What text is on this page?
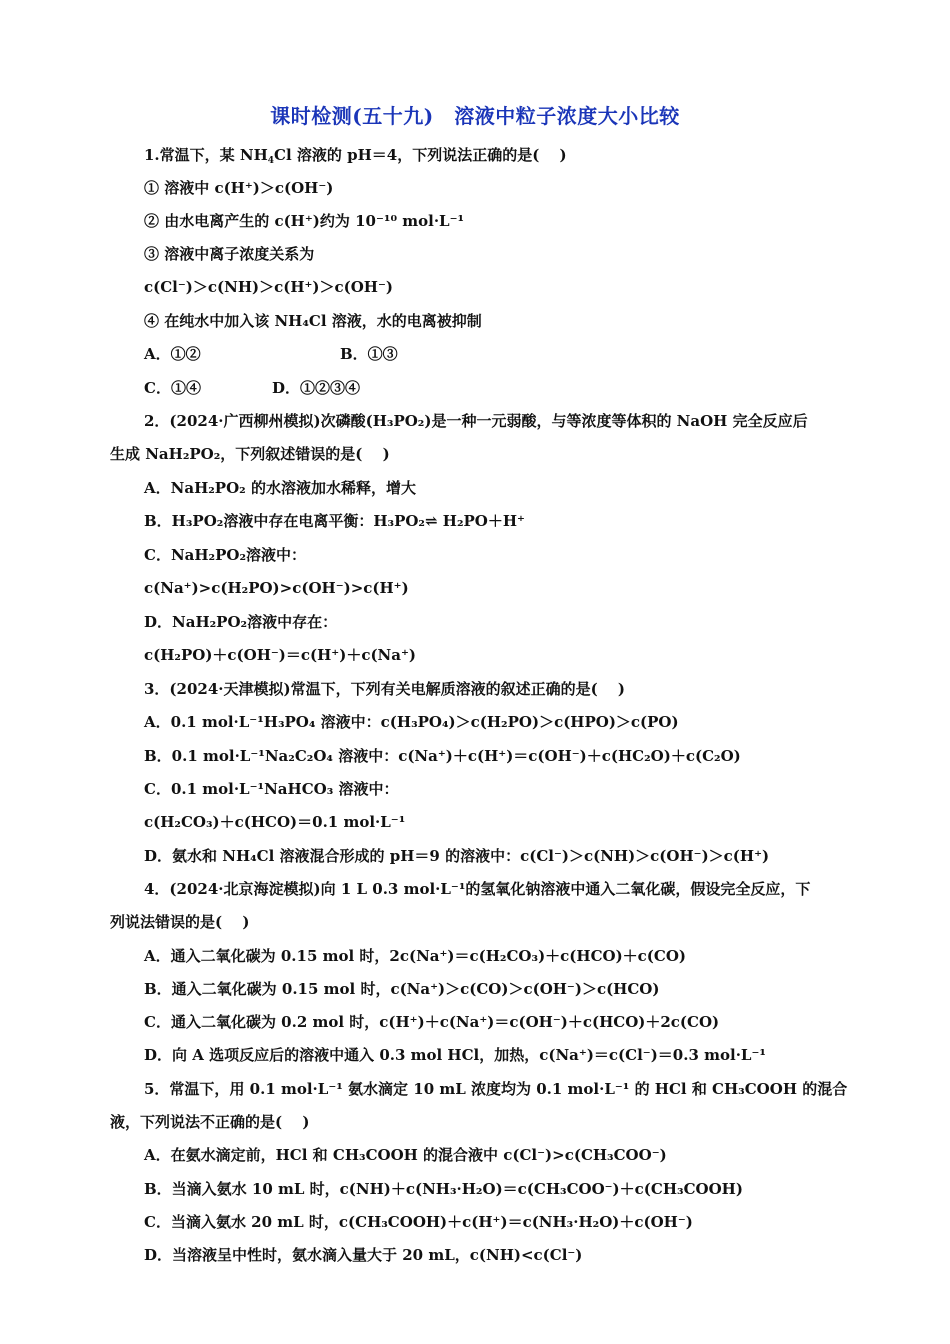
课时检测(五十九)　溶液中粒子浓度大小比较
1.常温下，某 $NH_4Cl$ 溶液的 pH＝4，下列说法正确的是(　 )
① 溶液中 c(H⁺)＞c(OH⁻)
② 由水电离产生的 c(H⁺)约为 10⁻¹⁰ mol·L⁻¹
③ 溶液中离子浓度关系为
c(Cl⁻)＞c(NH)＞c(H⁺)＞c(OH⁻)
④ 在纯水中加入该 NH₄Cl 溶液，水的电离被抑制
A．①②	B．①③
C．①④	D．①②③④
2．(2024·广西柳州模拟)次磷酸(H₃PO₂)是一种一元弱酸，与等浓度等体积的 NaOH 完全反应后
生成 NaH₂PO₂，下列叙述错误的是(　 )
A．NaH₂PO₂ 的水溶液加水稀释，增大
B．H₃PO₂溶液中存在电离平衡：H₃PO₂⇌ H₂PO＋H⁺
C．NaH₂PO₂溶液中：
c(Na⁺)>c(H₂PO)>c(OH⁻)>c(H⁺)
D．NaH₂PO₂溶液中存在：
c(H₂PO)＋c(OH⁻)＝c(H⁺)＋c(Na⁺)
3．(2024·天津模拟)常温下，下列有关电解质溶液的叙述正确的是(　 )
A．0.1 mol·L⁻¹H₃PO₄ 溶液中：c(H₃PO₄)＞c(H₂PO)＞c(HPO)＞c(PO)
B．0.1 mol·L⁻¹Na₂C₂O₄ 溶液中：c(Na⁺)＋c(H⁺)＝c(OH⁻)＋c(HC₂O)＋c(C₂O)
C．0.1 mol·L⁻¹NaHCO₃ 溶液中：
c(H₂CO₃)＋c(HCO)＝0.1 mol·L⁻¹
D．氨水和 NH₄Cl 溶液混合形成的 pH＝9 的溶液中：c(Cl⁻)＞c(NH)＞c(OH⁻)＞c(H⁺)
4．(2024·北京海淀模拟)向 1 L 0.3 mol·L⁻¹的氢氧化钠溶液中通入二氧化碳，假设完全反应，下
列说法错误的是(　 )
A．通入二氧化碳为 0.15 mol 时，2c(Na⁺)＝c(H₂CO₃)＋c(HCO)＋c(CO)
B．通入二氧化碳为 0.15 mol 时，c(Na⁺)＞c(CO)＞c(OH⁻)＞c(HCO)
C．通入二氧化碳为 0.2 mol 时，c(H⁺)＋c(Na⁺)＝c(OH⁻)＋c(HCO)＋2c(CO)
D．向 A 选项反应后的溶液中通入 0.3 mol HCl，加热，c(Na⁺)＝c(Cl⁻)＝0.3 mol·L⁻¹
5．常温下，用 0.1 mol·L⁻¹ 氨水滴定 10 mL 浓度均为 0.1 mol·L⁻¹ 的 HCl 和 CH₃COOH 的混合
液，下列说法不正确的是(　 )
A．在氨水滴定前，HCl 和 CH₃COOH 的混合液中 c(Cl⁻)>c(CH₃COO⁻)
B．当滴入氨水 10 mL 时，c(NH)＋c(NH₃·H₂O)＝c(CH₃COO⁻)＋c(CH₃COOH)
C．当滴入氨水 20 mL 时，c(CH₃COOH)＋c(H⁺)＝c(NH₃·H₂O)＋c(OH⁻)
D．当溶液呈中性时，氨水滴入量大于 20 mL，c(NH)<c(Cl⁻)
